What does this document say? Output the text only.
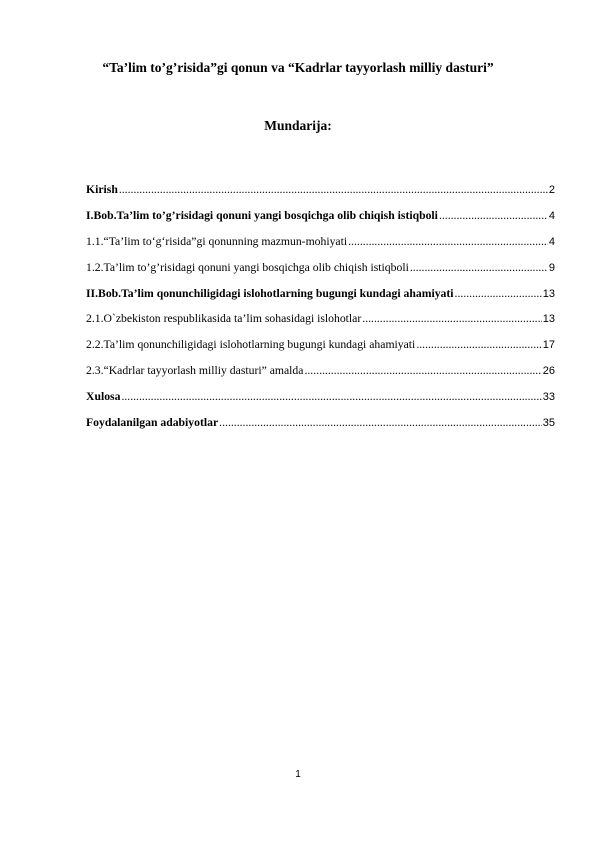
“Ta’lim to’g’risida”gi qonun va “Kadrlar tayyorlash milliy dasturi”
Mundarija:
Kirish .....	2
I.Bob.Ta’lim to’g’risidagi qonuni yangi bosqichga olib chiqish istiqboli .....	4
1.1.“Ta’lim to‘g‘risida”gi qonunning mazmun-mohiyati .....	4
1.2.Ta’lim to’g’risidagi qonuni yangi bosqichga olib chiqish istiqboli .....	9
II.Bob.Ta’lim qonunchiligidagi islohotlarning bugungi kundagi ahamiyati .....	13
2.1.O`zbekiston respublikasida ta’lim sohasidagi islohotlar .....	13
2.2.Ta’lim qonunchiligidagi islohotlarning bugungi kundagi ahamiyati .....	17
2.3.“Kadrlar tayyorlash milliy dasturi” amalda .....	26
Xulosa .....	33
Foydalanilgan adabiyotlar .....	35

1
